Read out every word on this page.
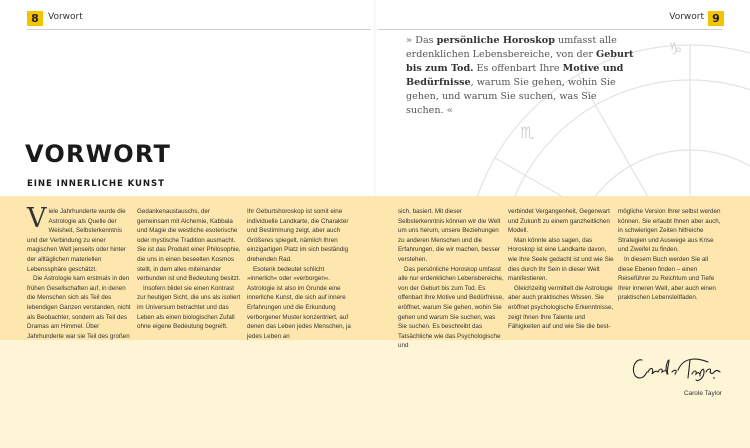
♑
♏
8	Vorwort	Vorwort 9

» Das persönliche Horoskop umfasst alle erdenklichen Lebensbereiche, von der Geburt bis zum Tod. Es offenbart Ihre Motive und Bedürfnisse, warum Sie gehen, wohin Sie gehen, und warum Sie suchen, was Sie suchen. «

VORWORT
EINE INNERLICHE KUNST

Viele Jahrhunderte wurde die Astrologie als Quelle der Weisheit, Selbsterkenntnis und der Verbindung zu einer magischen Welt jenseits oder hinter der alltäglichen materiellen Lebenssphäre geschätzt.

Die Astrologie kam erstmals in den frühen Gesellschaften auf, in denen die Menschen sich als Teil des lebendigen Ganzen verstanden, nicht als Beobachter, sondern als Teil des Dramas am Himmel. Über Jahrhunderte war sie Teil des großen

Gedankenaustauschs, der gemeinsam mit Alchemie, Kabbala und Magie die westliche esoterische oder mystische Tradition ausmacht. Sie ist das Produkt einer Philosophie, die uns in einen beseelten Kosmos stellt, in dem alles miteinander verbunden ist und Bedeutung besitzt.

Insofern bildet sie einen Kontrast zur heutigen Sicht, die uns als isoliert im Universum betrachtet und das Leben als einen biologischen Zufall ohne eigene Bedeutung begreift.

Ihr Geburtshoroskop ist somit eine individuelle Landkarte, die Charakter und Bestimmung zeigt, aber auch Größeres spiegelt, nämlich Ihren einzigartigen Platz im sich beständig drehenden Rad.

Esoterik bedeutet schlicht »innerlich« oder »verborgen«. Astrologie ist also im Grunde eine innerliche Kunst, die sich auf innere Erfahrungen und die Erkundung verborgener Muster konzentriert, auf denen das Leben jedes Menschen, ja jedes Leben an

sich, basiert. Mit dieser Selbsterkenntnis können wir die Welt um uns herum, unsere Beziehungen zu anderen Menschen und die Erfahrungen, die wir machen, besser verstehen.

Das persönliche Horoskop umfasst alle nur erdenklichen Lebensbereiche, von der Geburt bis zum Tod. Es offenbart Ihre Motive und Bedürfnisse, eröffnet, warum Sie gehen, wohin Sie gehen und warum Sie suchen, was Sie suchen. Es beschreibt das Tatsächliche wie das Psychologische und

verbindet Vergangenheit, Gegenwart und Zukunft zu einem ganzheitlichen Modell.

Man könnte also sagen, das Horoskop ist eine Landkarte davon, wie Ihre Seele gedacht ist und wie Sie dies durch Ihr Sein in dieser Welt manifestieren.

Gleichzeitig vermittelt die Astrologie aber auch praktisches Wissen. Sie eröffnet psychologische Erkenntnisse, zeigt Ihnen Ihre Talente und Fähigkeiten auf und wie Sie die best-

mögliche Version Ihrer selbst werden können. Sie erlaubt Ihnen aber auch, in schwierigen Zeiten hilfreiche Strategien und Auswege aus Krise und Zweifel zu finden.

In diesem Buch werden Sie all diese Ebenen finden – einen Reiseführer zu Reichtum und Tiefe Ihrer inneren Welt, aber auch einen praktischen Lebensleitfaden.

Carole Taylor
